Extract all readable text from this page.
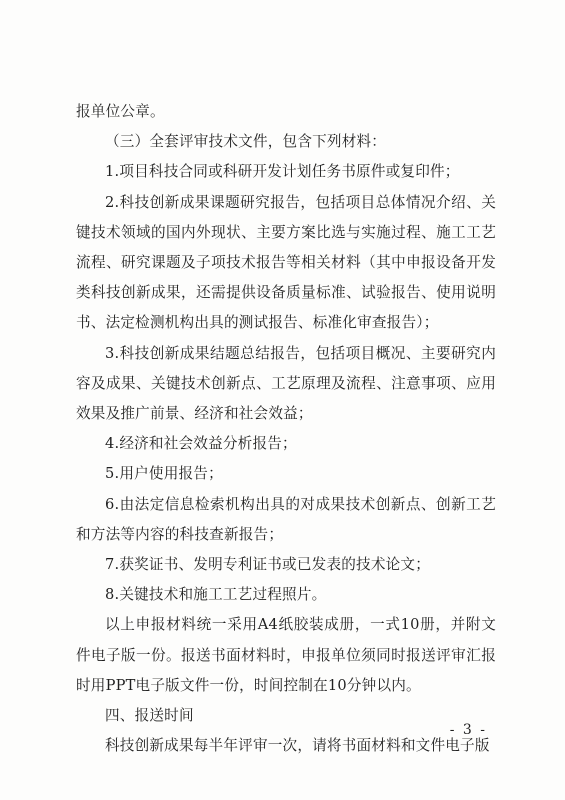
报单位公章。

（三）全套评审技术文件，包含下列材料：

1.项目科技合同或科研开发计划任务书原件或复印件；

2.科技创新成果课题研究报告，包括项目总体情况介绍、关键技术领域的国内外现状、主要方案比选与实施过程、施工工艺流程、研究课题及子项技术报告等相关材料（其中申报设备开发类科技创新成果，还需提供设备质量标准、试验报告、使用说明书、法定检测机构出具的测试报告、标准化审查报告）；

3.科技创新成果结题总结报告，包括项目概况、主要研究内容及成果、关键技术创新点、工艺原理及流程、注意事项、应用效果及推广前景、经济和社会效益；

4.经济和社会效益分析报告；

5.用户使用报告；

6.由法定信息检索机构出具的对成果技术创新点、创新工艺和方法等内容的科技查新报告；

7.获奖证书、发明专利证书或已发表的技术论文；

8.关键技术和施工工艺过程照片。

以上申报材料统一采用A4纸胶装成册，一式10册，并附文件电子版一份。报送书面材料时，申报单位须同时报送评审汇报时用PPT电子版文件一份，时间控制在10分钟以内。

四、报送时间

科技创新成果每半年评审一次，请将书面材料和文件电子版

- 3 -
